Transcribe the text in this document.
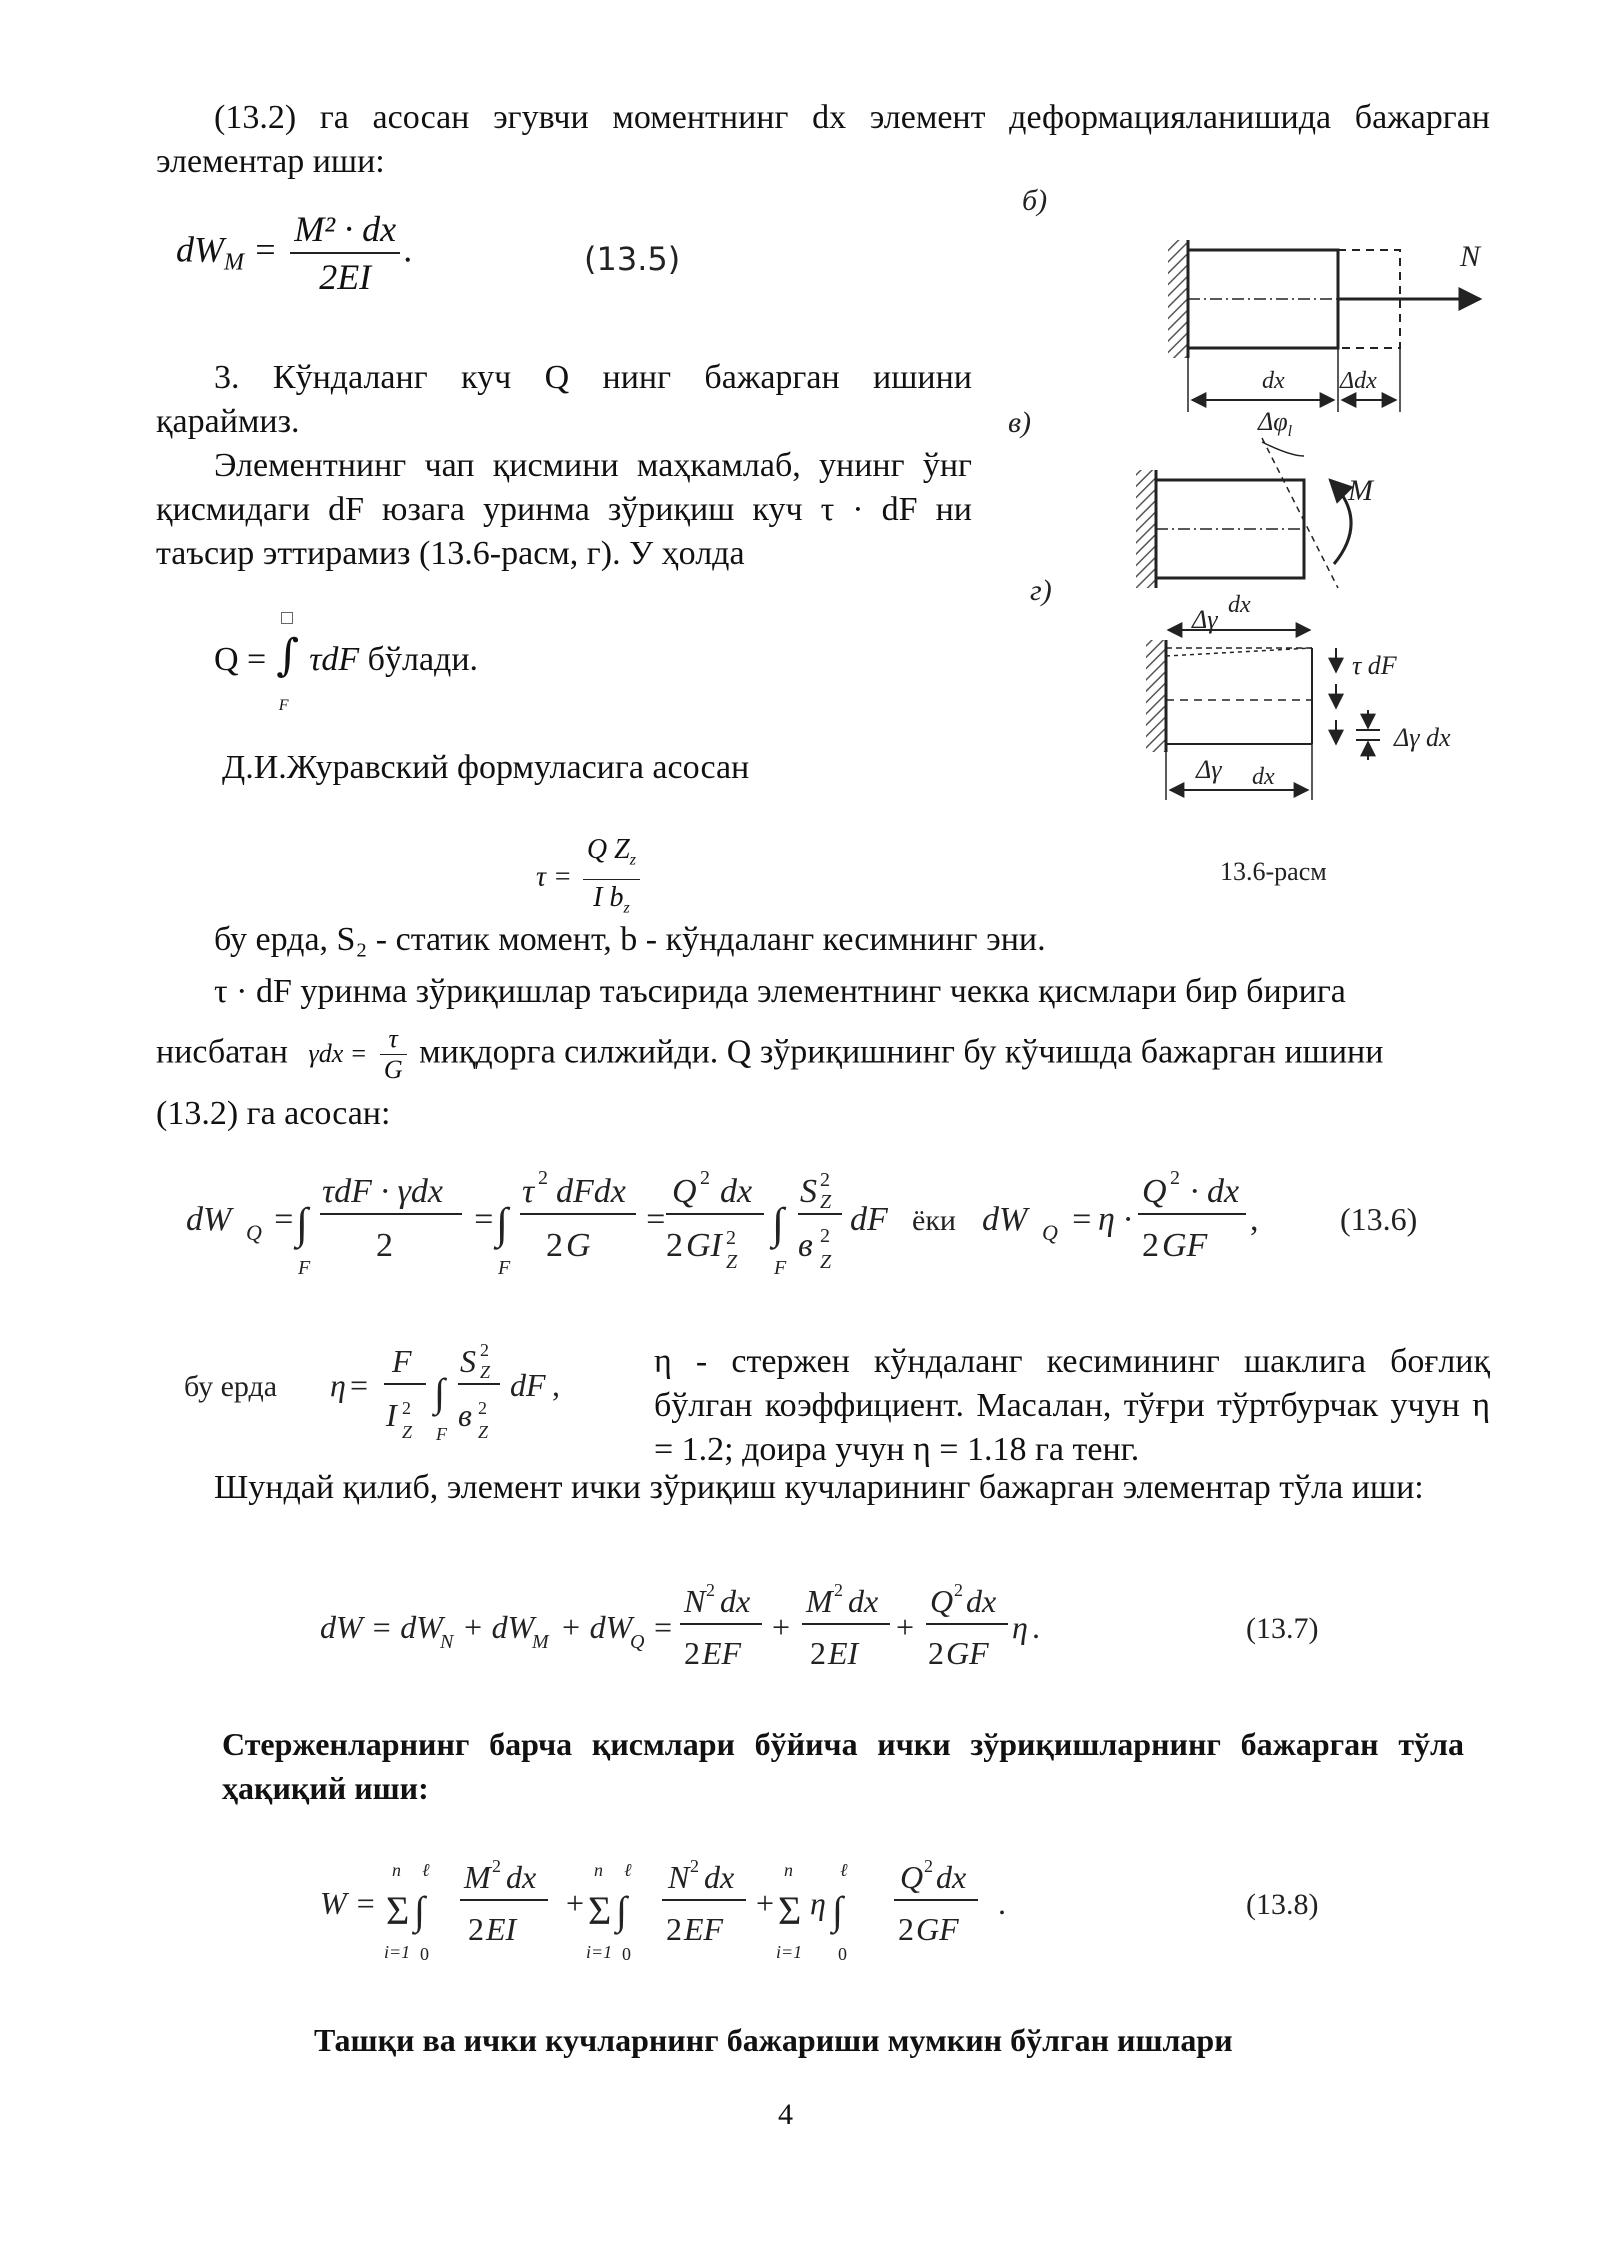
(13.2) га асосан эгувчи моментнинг dx элемент деформацияланишида бажарган элементар иши:
$dW_M = \frac{\text{M² · dx}}{2EI}$ .	(13.5)
3. Кўндаланг куч Q нинг бажарган ишини қараймиз.
Элементнинг чап қисмини маҳкамлаб, унинг ўнг қисмидаги dF юзага уринма зўриқиш куч τ · dF ни таъсир эттирамиз (13.6-расм, г). У ҳолда
Q = ∫
F
τdF бўлади.
Д.И.Журавский формуласига асосан
$\tau = \frac{Q Z_z}{I b_z}$
бу ерда, S₂ - статик момент, b - кўндаланг кесимнинг эни.
τ · dF уринма зўриқишлар таъсирида элементнинг чекка қисмлари бир бирига
нисбатан $\gamma dx = \frac{\tau}{G}$ миқдорга силжийди. Q зўриқишнинг бу кўчишда бажарган ишини
(13.2) га асосан:
dW Q = ∫
F
τdF · γdx
2
= ∫
F
τ 2 dFdx
2 G
=
Q 2 dx
2 GI Z
2 ∫
F
S 2
Z
в 2
Z
dF ёки dW Q = η ·
Q 2 · dx
2 GF
,	(13.6)
бу ерда η =
F
I 2
Z
∫
F
S 2
Z
в 2
Z
dF ,
η - стержен кўндаланг кесимининг шаклига боғлиқ бўлган коэффициент. Масалан, тўғри тўртбурчак учун η = 1.2; доира учун η = 1.18 га тенг.
Шундай қилиб, элемент ички зўриқиш кучларининг бажарган элементар тўла иши:
dW = dW
N + dW
M + dW
Q =
N 2 dx
2 EF
+
M 2 dx
2 EI
+
Q 2 dx
2 GF
η .	(13.7)
Стерженларнинг барча қисмлари бўйича ички зўриқишларнинг бажарган тўла ҳақиқий иши:
W = Σ
n
i=1
∫
ℓ
0
M 2 dx
2 EI
+ Σ
n
i=1
∫
ℓ
0
N 2 dx
2 EF
+ Σ
n
i=1
η ∫
ℓ
0
Q 2 dx
2 GF
.	(13.8)
Ташқи ва ички кучларнинг бажариши мумкин бўлган ишлари
б)
N
dx Δdx
в)	$\Delta\varphi_l$
M
г)
Δγ dx
τ dF
Δγ dx
Δγ dx
13.6-расм
4
